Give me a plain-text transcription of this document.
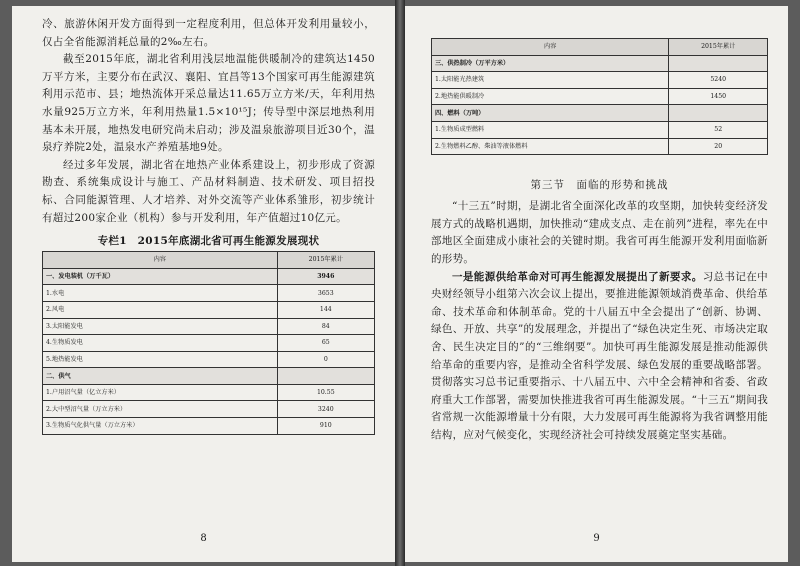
冷、旅游休闲开发方面得到一定程度利用，但总体开发利用量较小，仅占全省能源消耗总量的2‰左右。

截至2015年底，湖北省利用浅层地温能供暖制冷的建筑达1450万平方米，主要分布在武汉、襄阳、宜昌等13个国家可再生能源建筑利用示范市、县；地热流体开采总量达11.65万立方米/天，年利用热水量925万立方米，年利用热量1.5×10¹⁵J；传导型中深层地热利用基本未开展，地热发电研究尚未启动；涉及温泉旅游项目近30个，温泉疗养院2处，温泉水产养殖基地9处。

经过多年发展，湖北省在地热产业体系建设上，初步形成了资源勘查、系统集成设计与施工、产品材料制造、技术研发、项目招投标、合同能源管理、人才培养、对外交流等产业体系雏形，初步统计有超过200家企业（机构）参与开发利用，年产值超过10亿元。

专栏1　2015年底湖北省可再生能源发展现状
内容	2015年累计
一、发电装机（万千瓦）	3946
1.水电	3653
2.风电	144
3.太阳能发电	84
4.生物质发电	65
5.地热能发电	0
二、供气	
1.户用沼气量（亿立方米）	10.55
2.大中型沼气量（万立方米）	3240
3.生物质气化供气量（万立方米）	910
8
内容	2015年累计
三、供热制冷（万平方米）	
1.太阳能光热建筑	5240
2.地热能供暖制冷	1450
四、燃料（万吨）	
1.生物质成型燃料	52
2.生物燃料乙醇、柴油等液体燃料	20
第三节　面临的形势和挑战

“十三五”时期，是湖北省全面深化改革的攻坚期，加快转变经济发展方式的战略机遇期，加快推动“建成支点、走在前列”进程，率先在中部地区全面建成小康社会的关键时期。我省可再生能源开发利用面临新的形势。

一是能源供给革命对可再生能源发展提出了新要求。习总书记在中央财经领导小组第六次会议上提出，要推进能源领域消费革命、供给革命、技术革命和体制革命。党的十八届五中全会提出了“创新、协调、绿色、开放、共享”的发展理念，并提出了“绿色决定生死、市场决定取舍、民生决定目的”的“三维纲要”。加快可再生能源发展是推动能源供给革命的重要内容，是推动全省科学发展、绿色发展的重要战略部署。贯彻落实习总书记重要指示、十八届五中、六中全会精神和省委、省政府重大工作部署，需要加快推进我省可再生能源发展。“十三五”期间我省常规一次能源增量十分有限，大力发展可再生能源将为我省调整用能结构，应对气候变化，实现经济社会可持续发展奠定坚实基础。

9
